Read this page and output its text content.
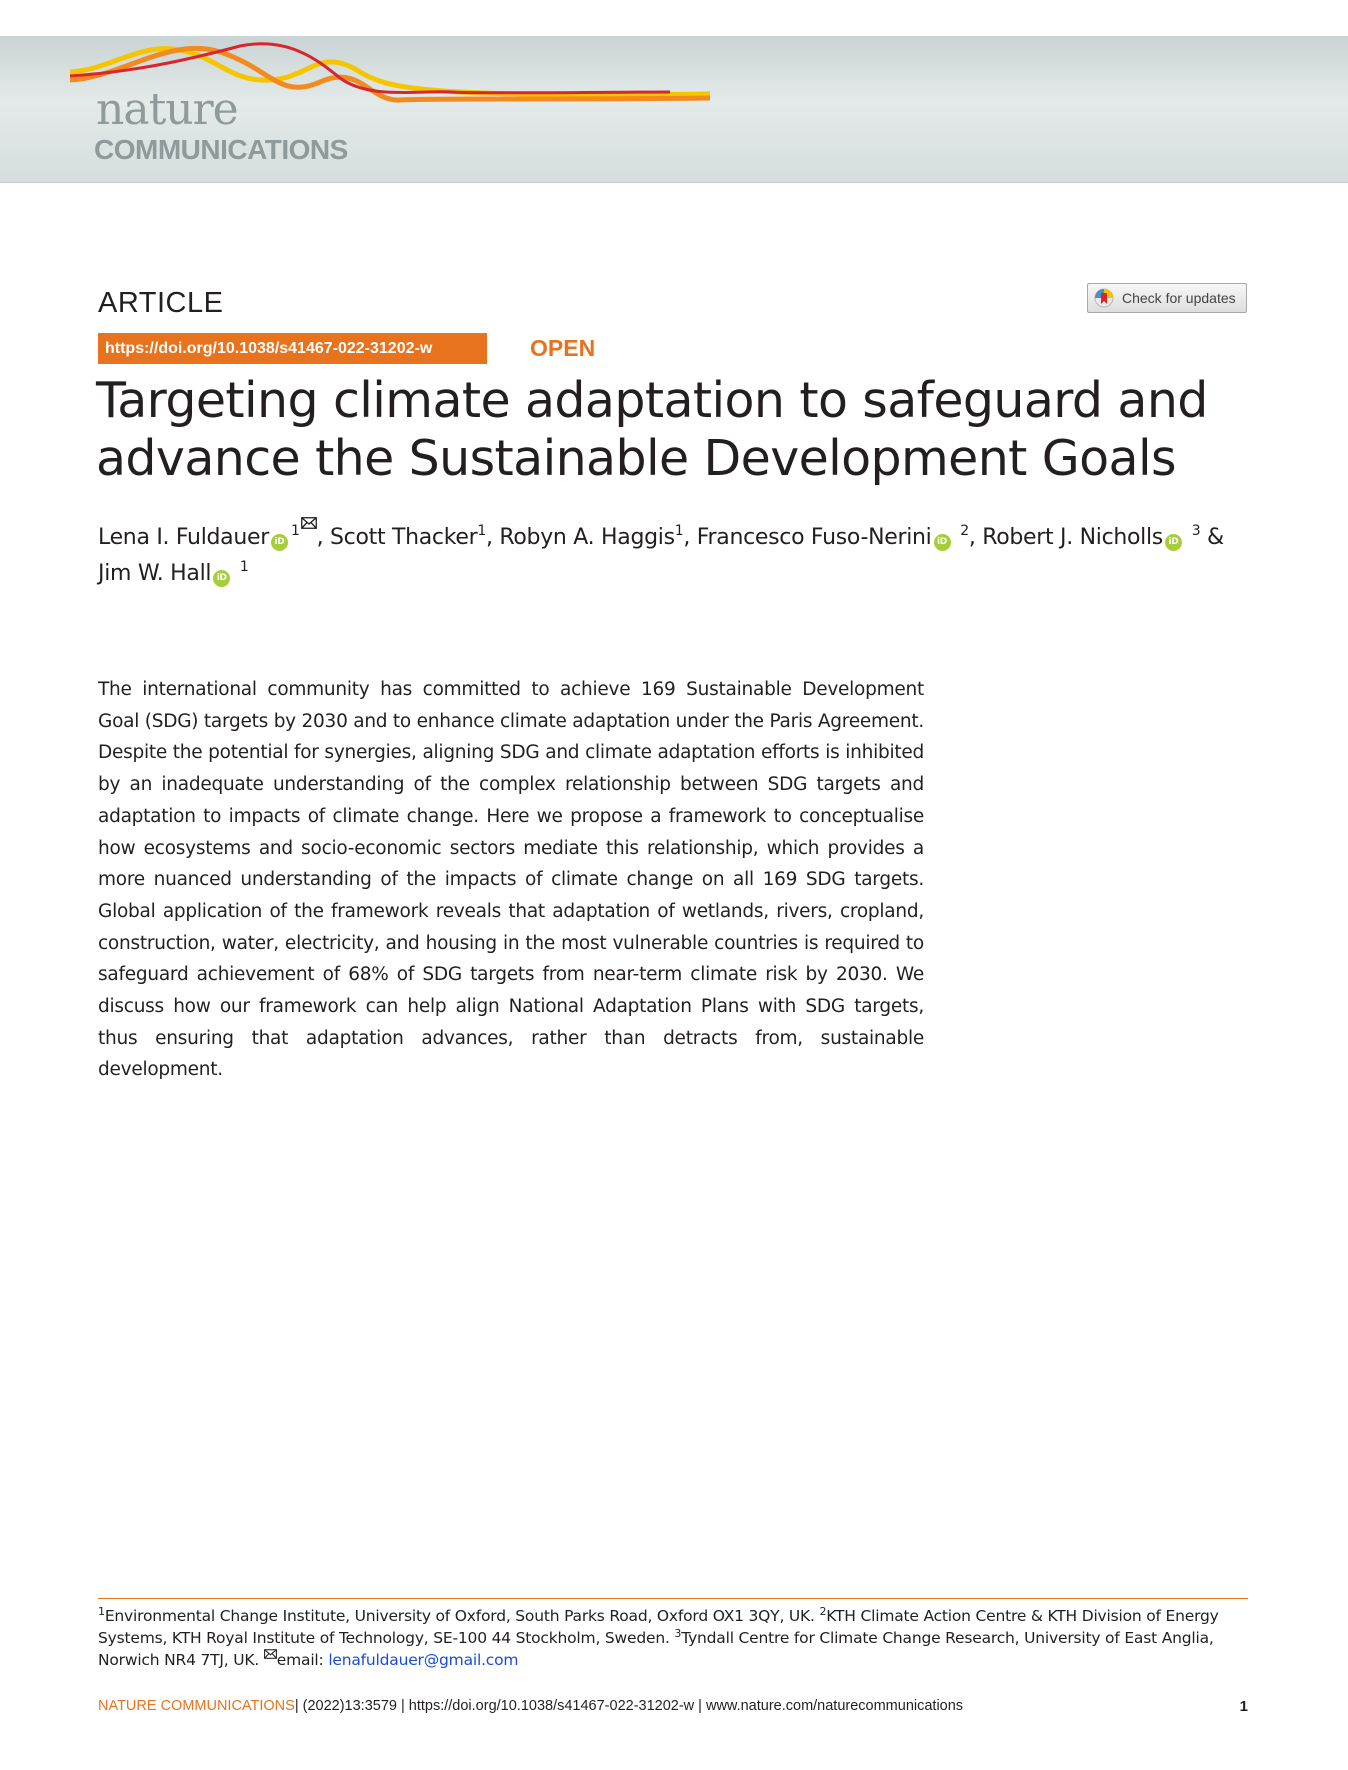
nature
COMMUNICATIONS
ARTICLE	Check for updates
https://doi.org/10.1038/s41467-022-31202-w	OPEN
Targeting climate adaptation to safeguard and
advance the Sustainable Development Goals
Lena I. Fuldauer $iD^1$ , Scott Thacker$^1$, Robyn A. Haggis$^1$, Francesco Fuso-Nerini iD $^2$, Robert J. Nicholls iD $^3$ &
Jim W. Hall iD $^1$

The international community has committed to achieve 169 Sustainable Development Goal (SDG) targets by 2030 and to enhance climate adaptation under the Paris Agreement. Despite the potential for synergies, aligning SDG and climate adaptation efforts is inhibited by an inadequate understanding of the complex relationship between SDG targets and adaptation to impacts of climate change. Here we propose a framework to conceptualise how ecosystems and socio-economic sectors mediate this relationship, which provides a more nuanced understanding of the impacts of climate change on all 169 SDG targets. Global application of the framework reveals that adaptation of wetlands, rivers, cropland, construction, water, electricity, and housing in the most vulnerable countries is required to safeguard achievement of 68% of SDG targets from near-term climate risk by 2030. We discuss how our framework can help align National Adaptation Plans with SDG targets, thus ensuring that adaptation advances, rather than detracts from, sustainable development.

$^1$Environmental Change Institute, University of Oxford, South Parks Road, Oxford OX1 3QY, UK. $^2$KTH Climate Action Centre & KTH Division of Energy Systems, KTH Royal Institute of Technology, SE-100 44 Stockholm, Sweden. $^3$Tyndall Centre for Climate Change Research, University of East Anglia, Norwich NR4 7TJ, UK. email: lenafuldauer@gmail.com

NATURE COMMUNICATIONS| (2022)13:3579 | https://doi.org/10.1038/s41467-022-31202-w | www.nature.com/naturecommunications	1
